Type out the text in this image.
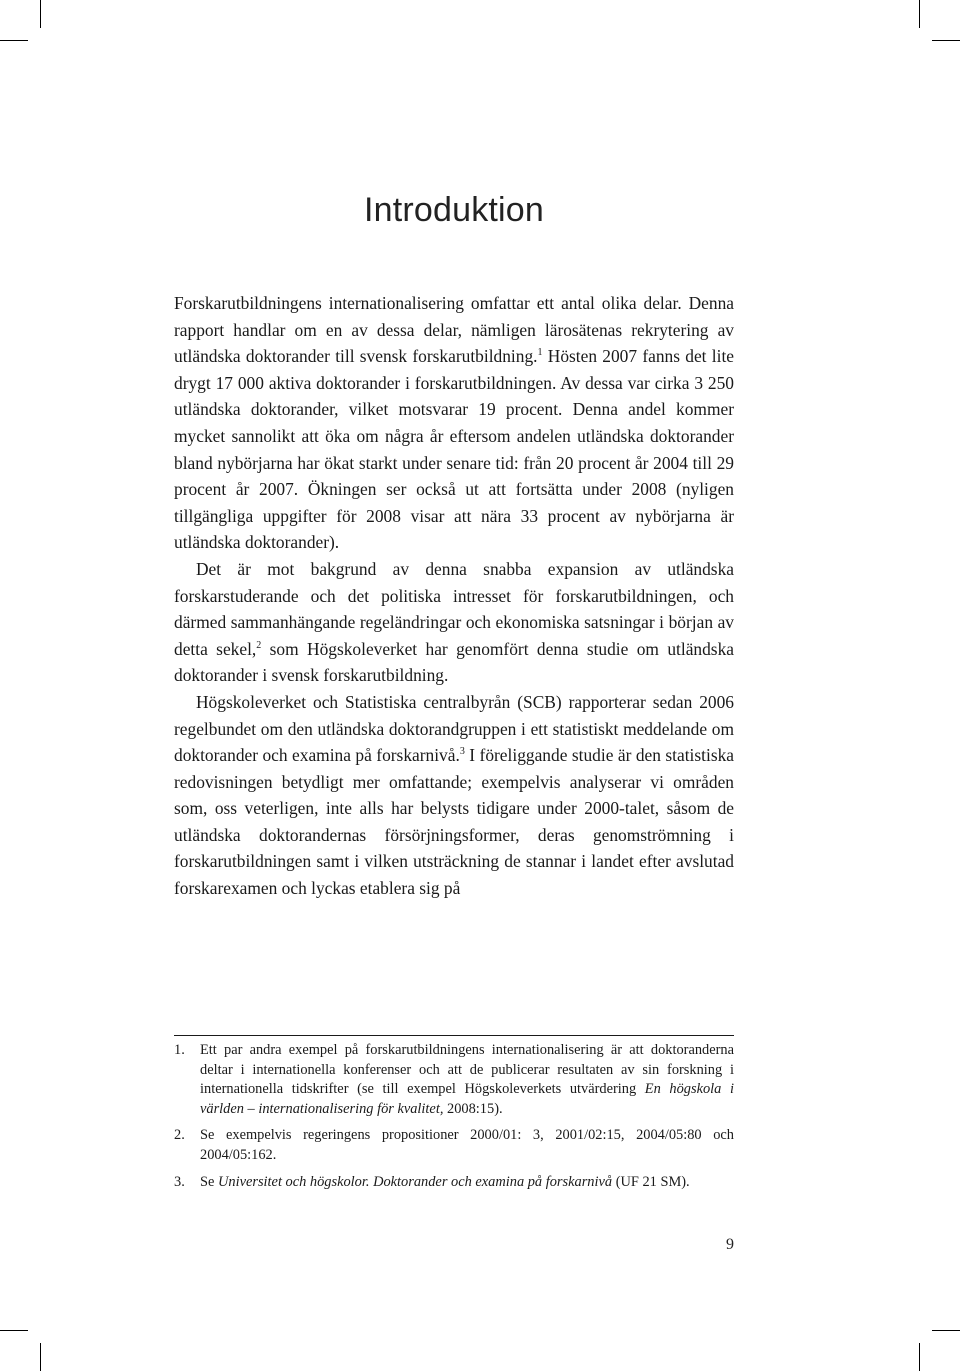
Introduktion

Forskarutbildningens internationalisering omfattar ett antal olika delar. Denna rapport handlar om en av dessa delar, nämligen lärosätenas rekrytering av utländska doktorander till svensk forskarutbildning.$^1$ Hösten 2007 fanns det lite drygt 17 000 aktiva doktorander i forskarutbildningen. Av dessa var cirka 3 250 utländska doktorander, vilket motsvarar 19 procent. Denna andel kommer mycket sannolikt att öka om några år eftersom andelen utländska doktorander bland nybörjarna har ökat starkt under senare tid: från 20 procent år 2004 till 29 procent år 2007. Ökningen ser också ut att fortsätta under 2008 (nyligen tillgängliga uppgifter för 2008 visar att nära 33 procent av nybörjarna är utländska doktorander).

Det är mot bakgrund av denna snabba expansion av utländska forskarstuderande och det politiska intresset för forskarutbildningen, och därmed sammanhängande regeländringar och ekonomiska satsningar i början av detta sekel,$^2$ som Högskoleverket har genomfört denna studie om utländska doktorander i svensk forskarutbildning.

Högskoleverket och Statistiska centralbyrån (SCB) rapporterar sedan 2006 regelbundet om den utländska doktorandgruppen i ett statistiskt meddelande om doktorander och examina på forskarnivå.$^3$ I föreliggande studie är den statistiska redovisningen betydligt mer omfattande; exempelvis analyserar vi områden som, oss veterligen, inte alls har belysts tidigare under 2000-talet, såsom de utländska doktorandernas försörjningsformer, deras genomströmning i forskarutbildningen samt i vilken utsträckning de stannar i landet efter avslutad forskarexamen och lyckas etablera sig på

1. Ett par andra exempel på forskarutbildningens internationalisering är att doktoranderna deltar i internationella konferenser och att de publicerar resultaten av sin forskning i internationella tidskrifter (se till exempel Högskoleverkets utvärdering En högskola i världen – internationalisering för kvalitet, 2008:15).
2. Se exempelvis regeringens propositioner 2000/01: 3, 2001/02:15, 2004/05:80 och 2004/05:162.
3. Se Universitet och högskolor. Doktorander och examina på forskarnivå (UF 21 SM).
9
